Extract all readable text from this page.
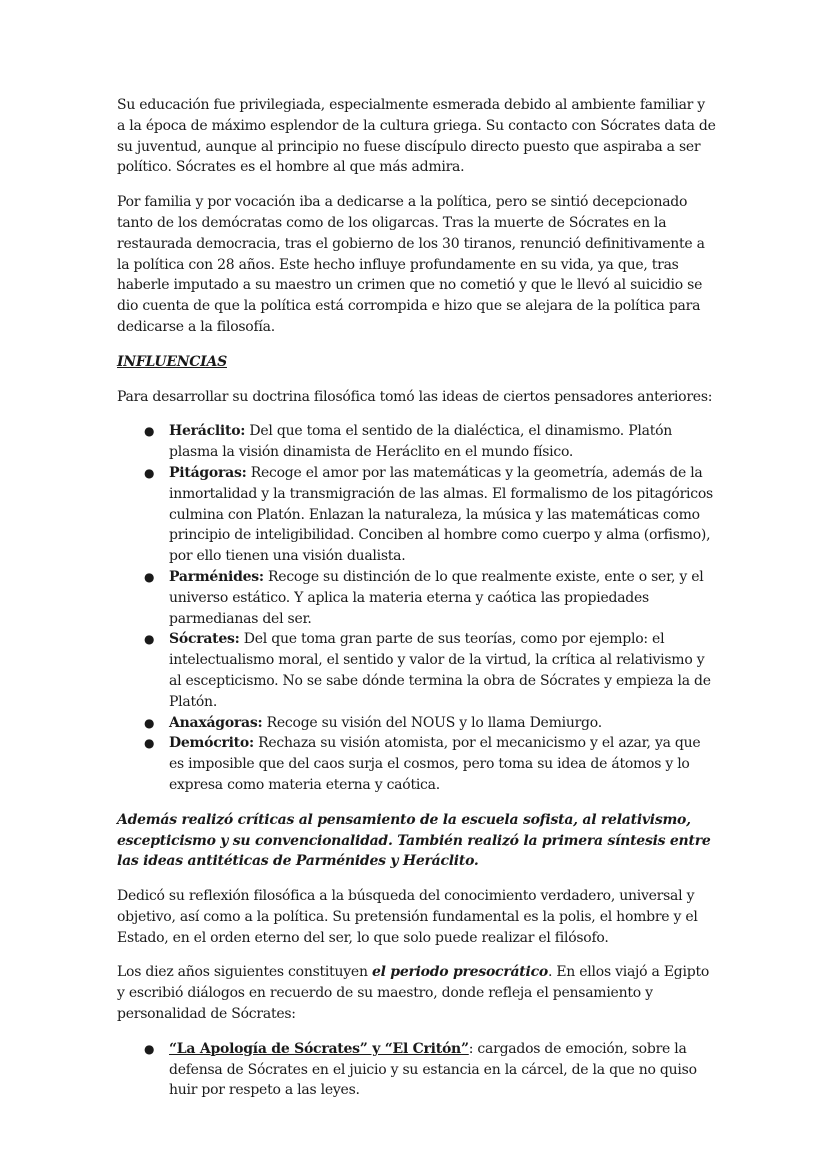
Su educación fue privilegiada, especialmente esmerada debido al ambiente familiar y a la época de máximo esplendor de la cultura griega. Su contacto con Sócrates data de su juventud, aunque al principio no fuese discípulo directo puesto que aspiraba a ser político. Sócrates es el hombre al que más admira.

Por familia y por vocación iba a dedicarse a la política, pero se sintió decepcionado tanto de los demócratas como de los oligarcas. Tras la muerte de Sócrates en la restaurada democracia, tras el gobierno de los 30 tiranos, renunció definitivamente a la política con 28 años. Este hecho influye profundamente en su vida, ya que, tras haberle imputado a su maestro un crimen que no cometió y que le llevó al suicidio se dio cuenta de que la política está corrompida e hizo que se alejara de la política para dedicarse a la filosofía.

INFLUENCIAS

Para desarrollar su doctrina filosófica tomó las ideas de ciertos pensadores anteriores:

● Heráclito: Del que toma el sentido de la dialéctica, el dinamismo. Platón plasma la visión dinamista de Heráclito en el mundo físico.
● Pitágoras: Recoge el amor por las matemáticas y la geometría, además de la inmortalidad y la transmigración de las almas. El formalismo de los pitagóricos culmina con Platón. Enlazan la naturaleza, la música y las matemáticas como principio de inteligibilidad. Conciben al hombre como cuerpo y alma (orfismo), por ello tienen una visión dualista.
● Parménides: Recoge su distinción de lo que realmente existe, ente o ser, y el universo estático. Y aplica la materia eterna y caótica las propiedades parmedianas del ser.
● Sócrates: Del que toma gran parte de sus teorías, como por ejemplo: el intelectualismo moral, el sentido y valor de la virtud, la crítica al relativismo y al escepticismo. No se sabe dónde termina la obra de Sócrates y empieza la de Platón.
● Anaxágoras: Recoge su visión del NOUS y lo llama Demiurgo.
● Demócrito: Rechaza su visión atomista, por el mecanicismo y el azar, ya que es imposible que del caos surja el cosmos, pero toma su idea de átomos y lo expresa como materia eterna y caótica.

Además realizó críticas al pensamiento de la escuela sofista, al relativismo, escepticismo y su convencionalidad. También realizó la primera síntesis entre las ideas antitéticas de Parménides y Heráclito.

Dedicó su reflexión filosófica a la búsqueda del conocimiento verdadero, universal y objetivo, así como a la política. Su pretensión fundamental es la polis, el hombre y el Estado, en el orden eterno del ser, lo que solo puede realizar el filósofo.

Los diez años siguientes constituyen el periodo presocrático. En ellos viajó a Egipto y escribió diálogos en recuerdo de su maestro, donde refleja el pensamiento y personalidad de Sócrates:

● “La Apología de Sócrates” y “El Critón”: cargados de emoción, sobre la defensa de Sócrates en el juicio y su estancia en la cárcel, de la que no quiso huir por respeto a las leyes.
